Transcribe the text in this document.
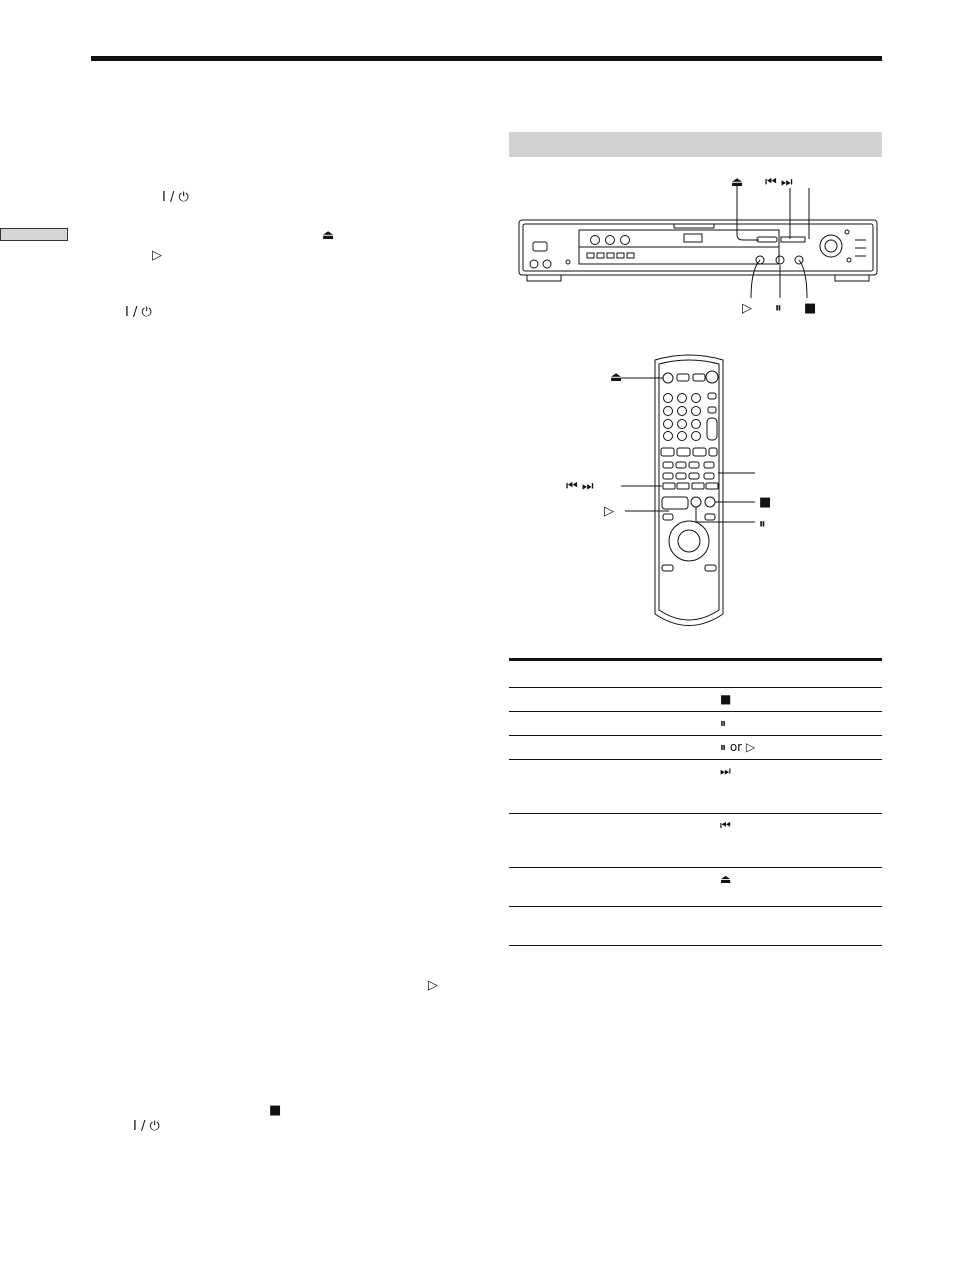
I / ⏻
⏏
▷
I / ⏻
▷
■
I / ⏻
⏏ ⏮ ⏭
▷ ⏸ ■
⏏
⏮ ⏭
▷
■
⏸

	■
	⏸
	⏸ or ▷
	⏭
	⏮
	⏏
